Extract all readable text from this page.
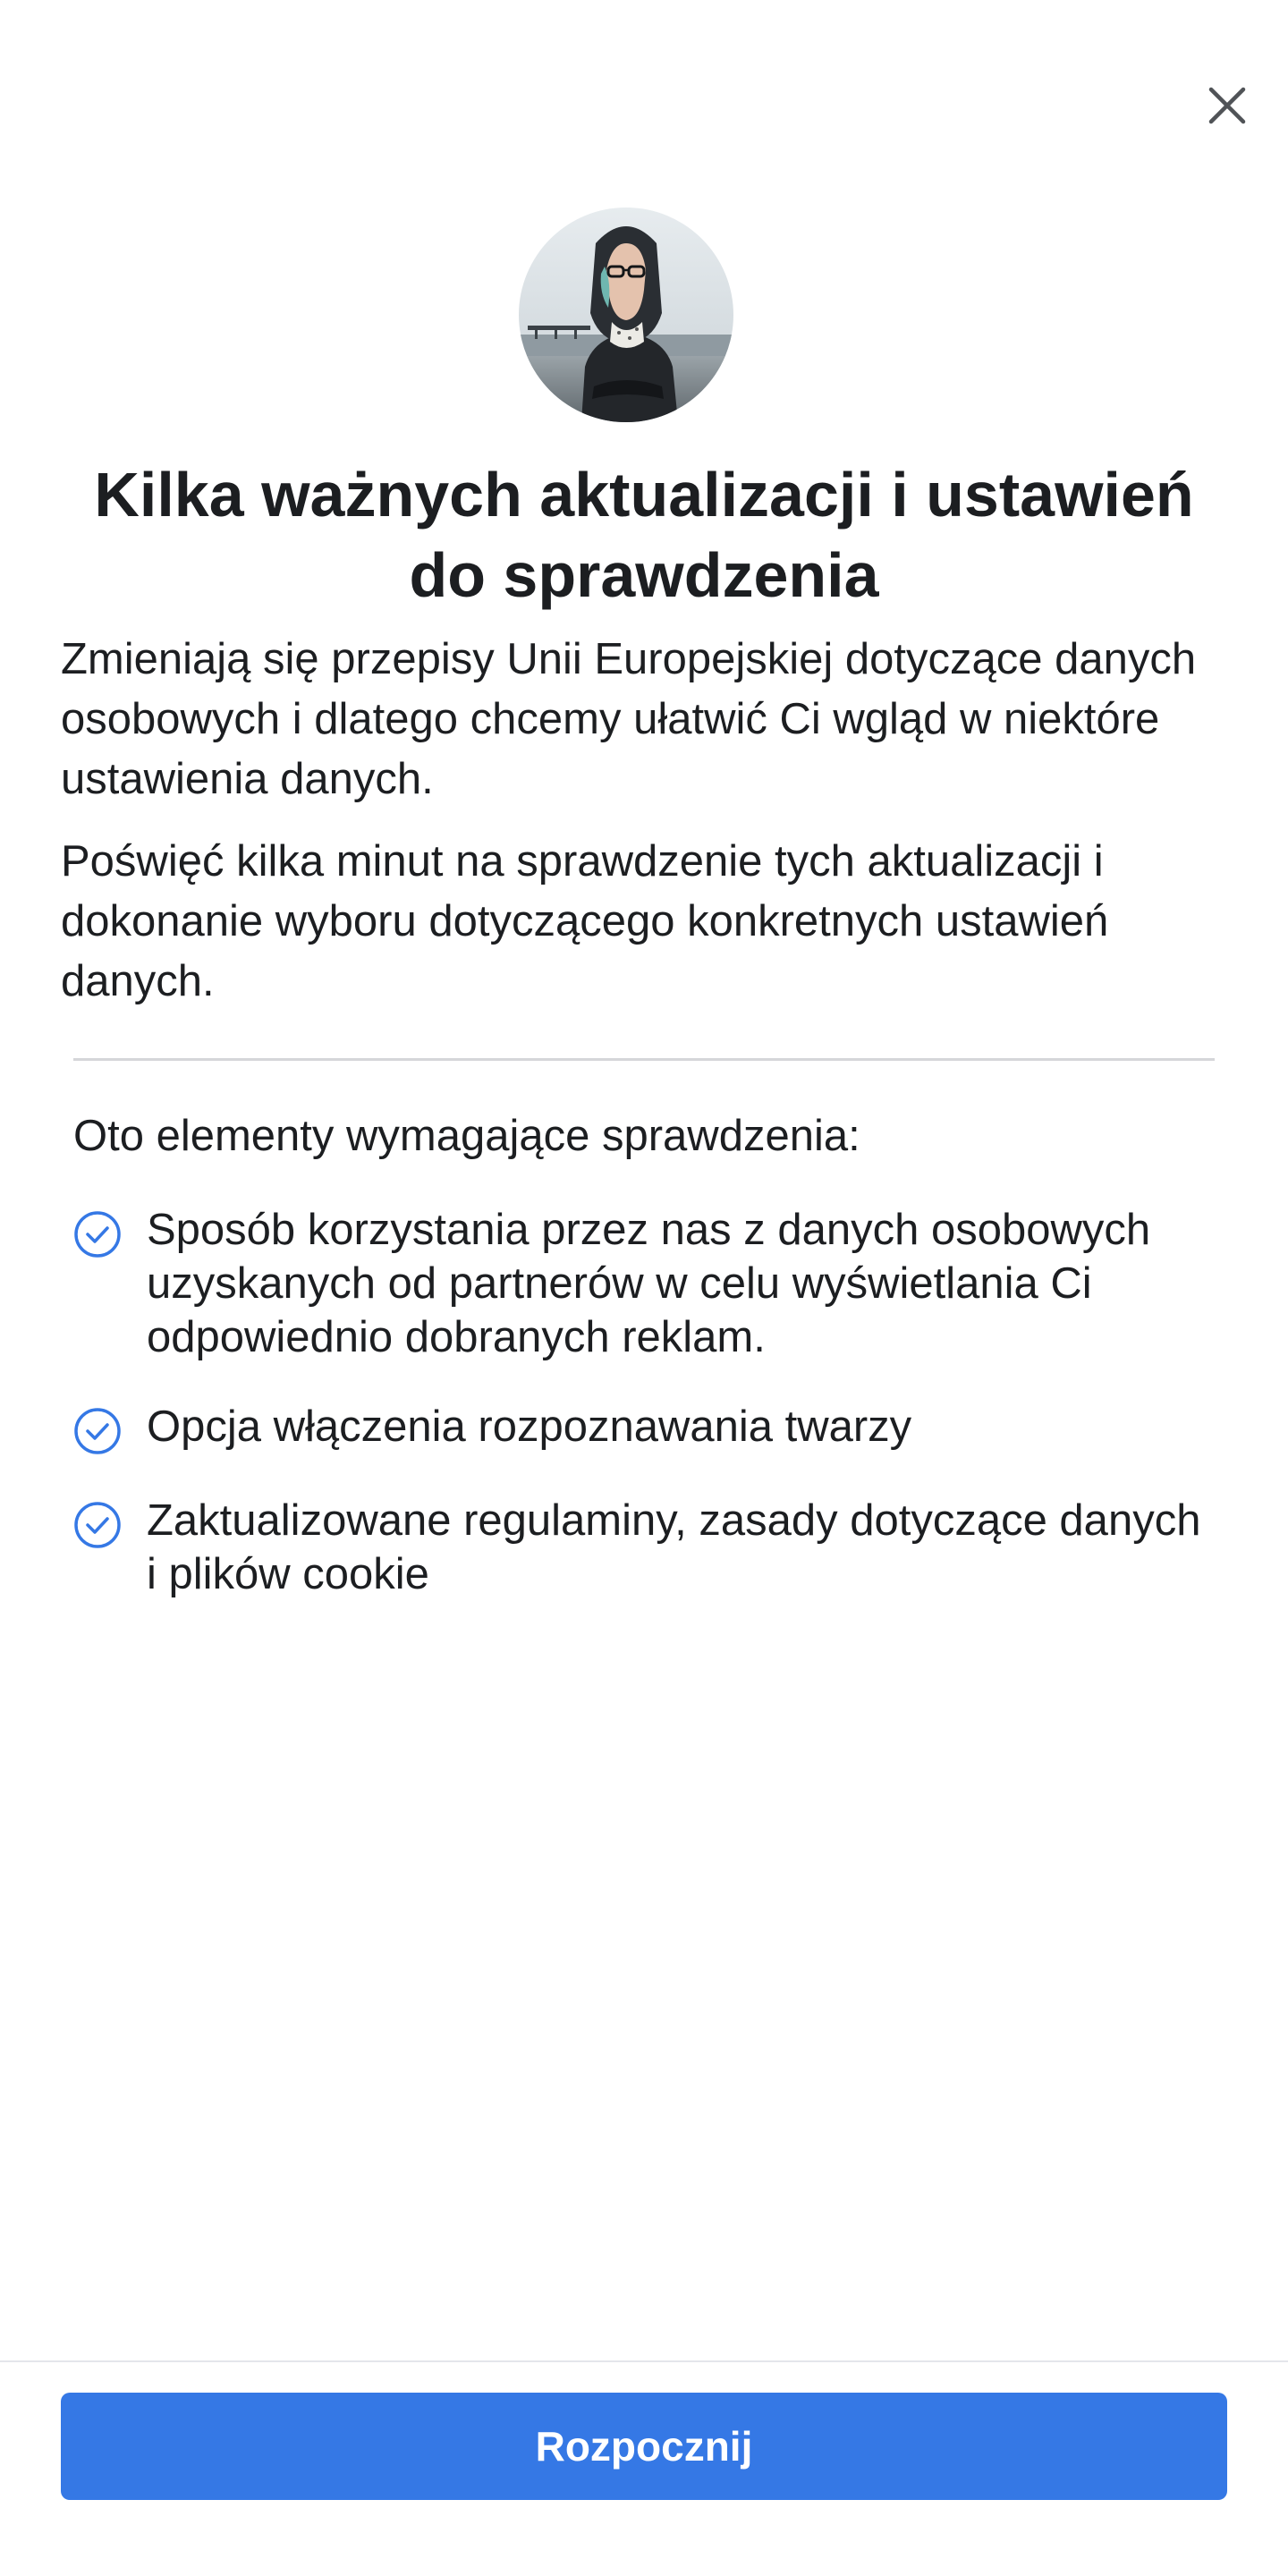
Kilka ważnych aktualizacji i ustawień do sprawdzenia

Zmieniają się przepisy Unii Europejskiej dotyczące danych osobowych i dlatego chcemy ułatwić Ci wgląd w niektóre ustawienia danych.

Poświęć kilka minut na sprawdzenie tych aktualizacji i dokonanie wyboru dotyczącego konkretnych ustawień danych.

Oto elementy wymagające sprawdzenia:

Sposób korzystania przez nas z danych osobowych uzyskanych od partnerów w celu wyświetlania Ci odpowiednio dobranych reklam.
Opcja włączenia rozpoznawania twarzy
Zaktualizowane regulaminy, zasady dotyczące danych i plików cookie
Rozpocznij
